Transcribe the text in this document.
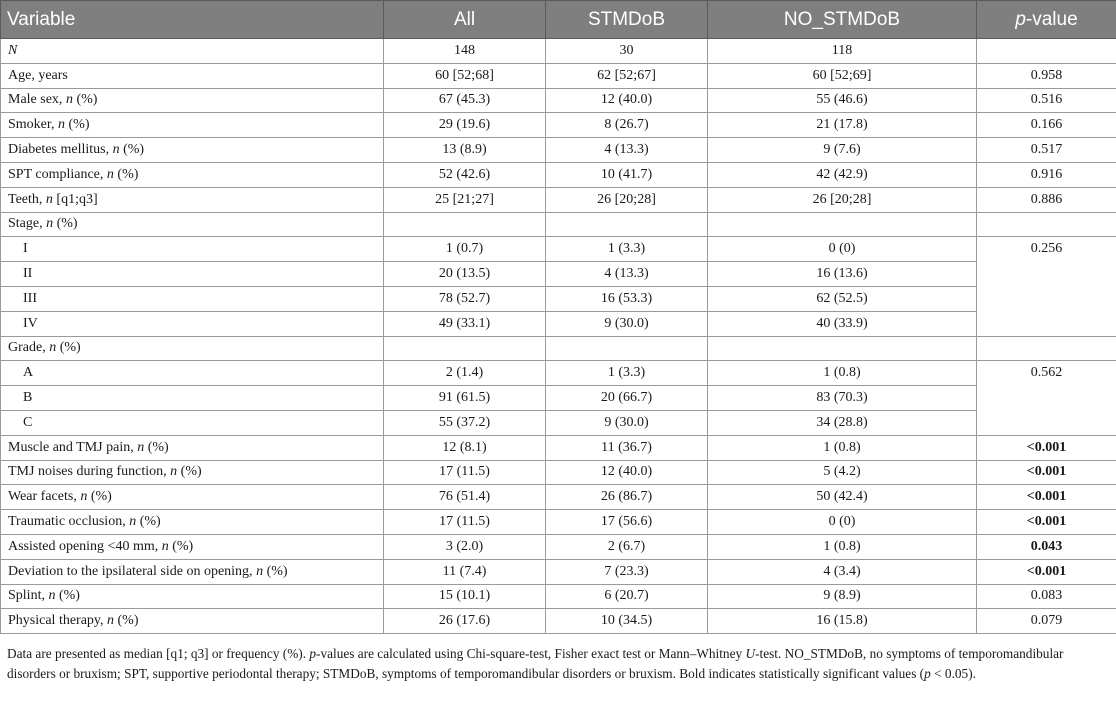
Variable	All	STMDoB	NO_STMDoB	p-value
N	148	30	118	
Age, years	60 [52;68]	62 [52;67]	60 [52;69]	0.958
Male sex, n (%)	67 (45.3)	12 (40.0)	55 (46.6)	0.516
Smoker, n (%)	29 (19.6)	8 (26.7)	21 (17.8)	0.166
Diabetes mellitus, n (%)	13 (8.9)	4 (13.3)	9 (7.6)	0.517
SPT compliance, n (%)	52 (42.6)	10 (41.7)	42 (42.9)	0.916
Teeth, n [q1;q3]	25 [21;27]	26 [20;28]	26 [20;28]	0.886
Stage, n (%)				
I	1 (0.7)	1 (3.3)	0 (0)	0.256
II	20 (13.5)	4 (13.3)	16 (13.6)	
III	78 (52.7)	16 (53.3)	62 (52.5)	
IV	49 (33.1)	9 (30.0)	40 (33.9)	
Grade, n (%)				
A	2 (1.4)	1 (3.3)	1 (0.8)	0.562
B	91 (61.5)	20 (66.7)	83 (70.3)	
C	55 (37.2)	9 (30.0)	34 (28.8)	
Muscle and TMJ pain, n (%)	12 (8.1)	11 (36.7)	1 (0.8)	<0.001
TMJ noises during function, n (%)	17 (11.5)	12 (40.0)	5 (4.2)	<0.001
Wear facets, n (%)	76 (51.4)	26 (86.7)	50 (42.4)	<0.001
Traumatic occlusion, n (%)	17 (11.5)	17 (56.6)	0 (0)	<0.001
Assisted opening <40 mm, n (%)	3 (2.0)	2 (6.7)	1 (0.8)	0.043
Deviation to the ipsilateral side on opening, n (%)	11 (7.4)	7 (23.3)	4 (3.4)	<0.001
Splint, n (%)	15 (10.1)	6 (20.7)	9 (8.9)	0.083
Physical therapy, n (%)	26 (17.6)	10 (34.5)	16 (15.8)	0.079

Data are presented as median [q1; q3] or frequency (%). p-values are calculated using Chi-square-test, Fisher exact test or Mann–Whitney U-test. NO_STMDoB, no symptoms of temporomandibular disorders or bruxism; SPT, supportive periodontal therapy; STMDoB, symptoms of temporomandibular disorders or bruxism. Bold indicates statistically significant values (p < 0.05).
